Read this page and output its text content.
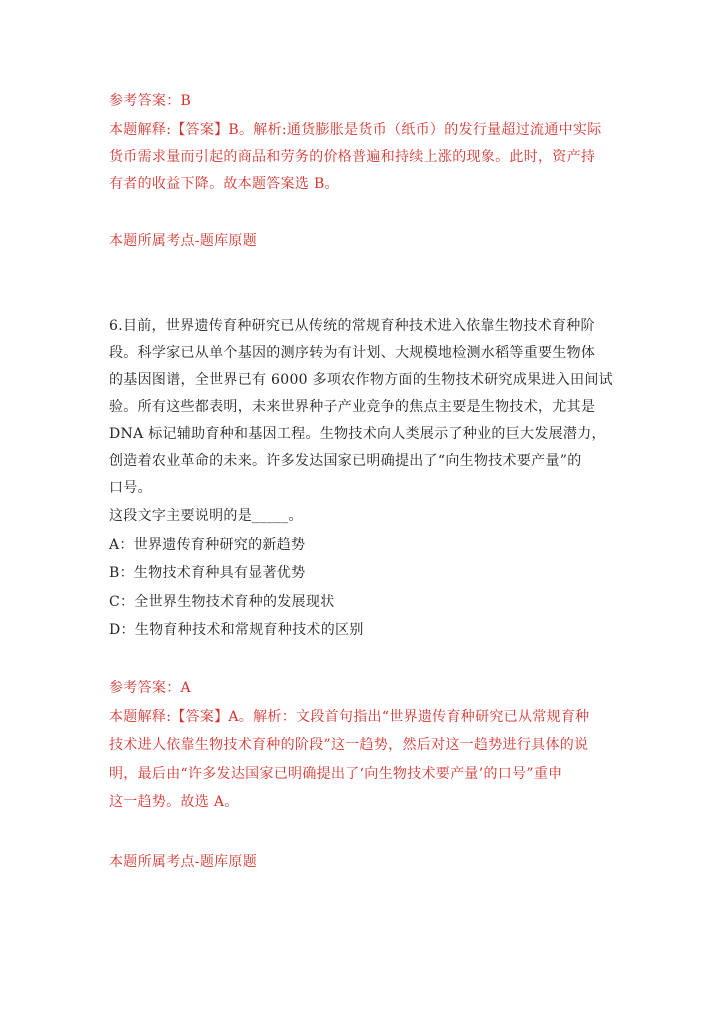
参考答案：B
本题解释:【答案】B。解析:通货膨胀是货币（纸币）的发行量超过流通中实际
货币需求量而引起的商品和劳务的价格普遍和持续上涨的现象。此时，资产持
有者的收益下降。故本题答案选 B。
本题所属考点-题库原题
6.目前，世界遗传育种研究已从传统的常规育种技术进入依靠生物技术育种阶
段。科学家已从单个基因的测序转为有计划、大规模地检测水稻等重要生物体
的基因图谱，全世界已有 6000 多项农作物方面的生物技术研究成果进入田间试
验。所有这些都表明，未来世界种子产业竞争的焦点主要是生物技术，尤其是
DNA 标记辅助育种和基因工程。生物技术向人类展示了种业的巨大发展潜力，
创造着农业革命的未来。许多发达国家已明确提出了“向生物技术要产量”的
口号。
这段文字主要说明的是_____。
A：世界遗传育种研究的新趋势
B：生物技术育种具有显著优势
C：全世界生物技术育种的发展现状
D：生物育种技术和常规育种技术的区别
参考答案：A
本题解释:【答案】A。解析：文段首句指出“世界遗传育种研究已从常规育种
技术进人依靠生物技术育种的阶段”这一趋势，然后对这一趋势进行具体的说
明，最后由“许多发达国家已明确提出了‘向生物技术要产量’的口号”重申
这一趋势。故选 A。
本题所属考点-题库原题
